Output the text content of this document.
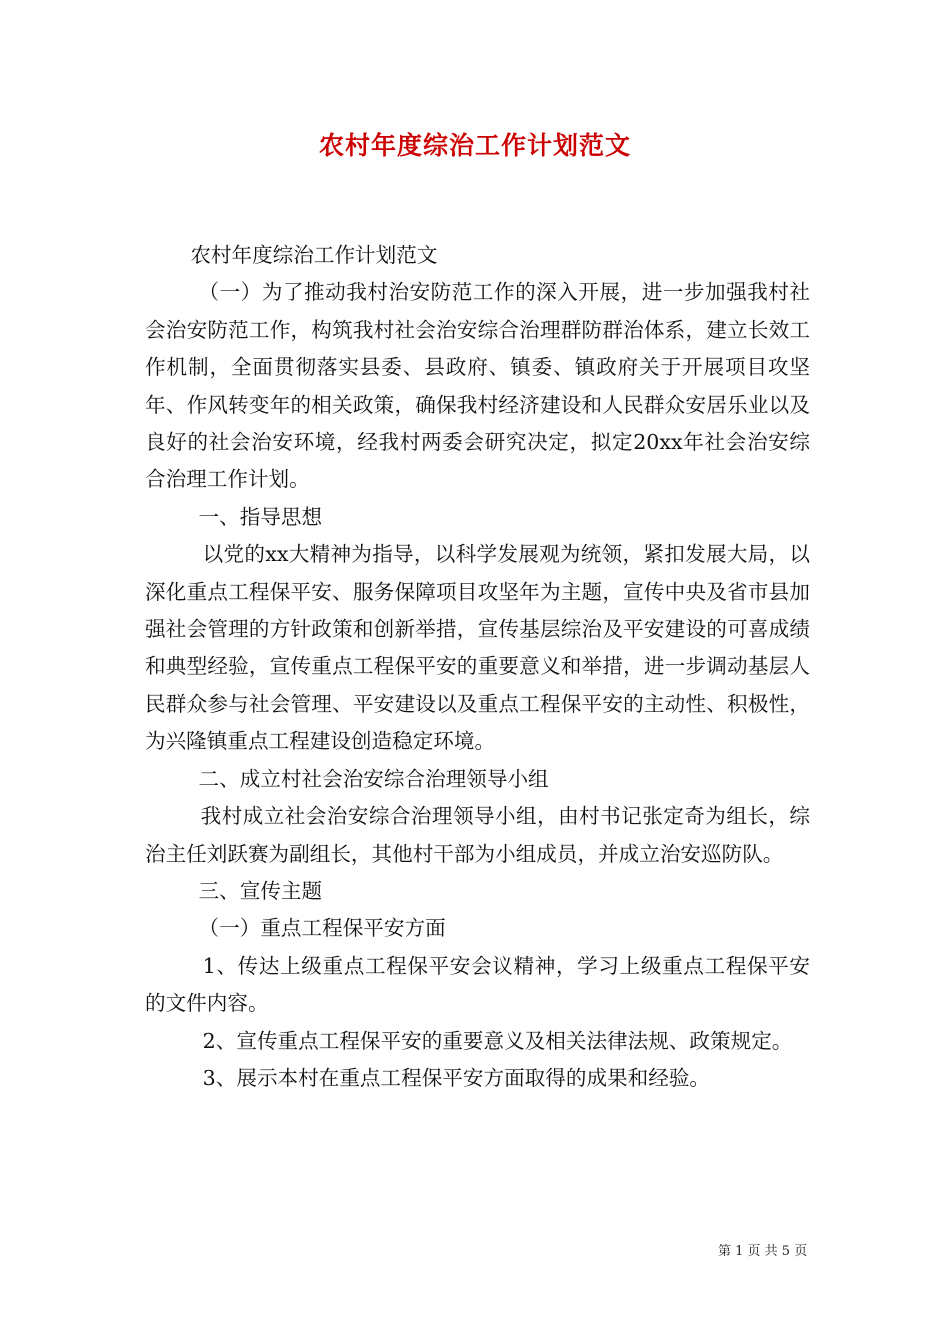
农村年度综治工作计划范文

农村年度综治工作计划范文

（一）为了推动我村治安防范工作的深入开展，进一步加强我村社会治安防范工作，构筑我村社会治安综合治理群防群治体系，建立长效工作机制，全面贯彻落实县委、县政府、镇委、镇政府关于开展项目攻坚年、作风转变年的相关政策，确保我村经济建设和人民群众安居乐业以及良好的社会治安环境，经我村两委会研究决定，拟定20xx年社会治安综合治理工作计划。

一、指导思想

以党的xx大精神为指导，以科学发展观为统领，紧扣发展大局，以深化重点工程保平安、服务保障项目攻坚年为主题，宣传中央及省市县加强社会管理的方针政策和创新举措，宣传基层综治及平安建设的可喜成绩和典型经验，宣传重点工程保平安的重要意义和举措，进一步调动基层人民群众参与社会管理、平安建设以及重点工程保平安的主动性、积极性，为兴隆镇重点工程建设创造稳定环境。

二、成立村社会治安综合治理领导小组

我村成立社会治安综合治理领导小组，由村书记张定奇为组长，综治主任刘跃赛为副组长，其他村干部为小组成员，并成立治安巡防队。

三、宣传主题

（一）重点工程保平安方面

1、传达上级重点工程保平安会议精神，学习上级重点工程保平安的文件内容。

2、宣传重点工程保平安的重要意义及相关法律法规、政策规定。

3、展示本村在重点工程保平安方面取得的成果和经验。

第 1 页 共 5 页
